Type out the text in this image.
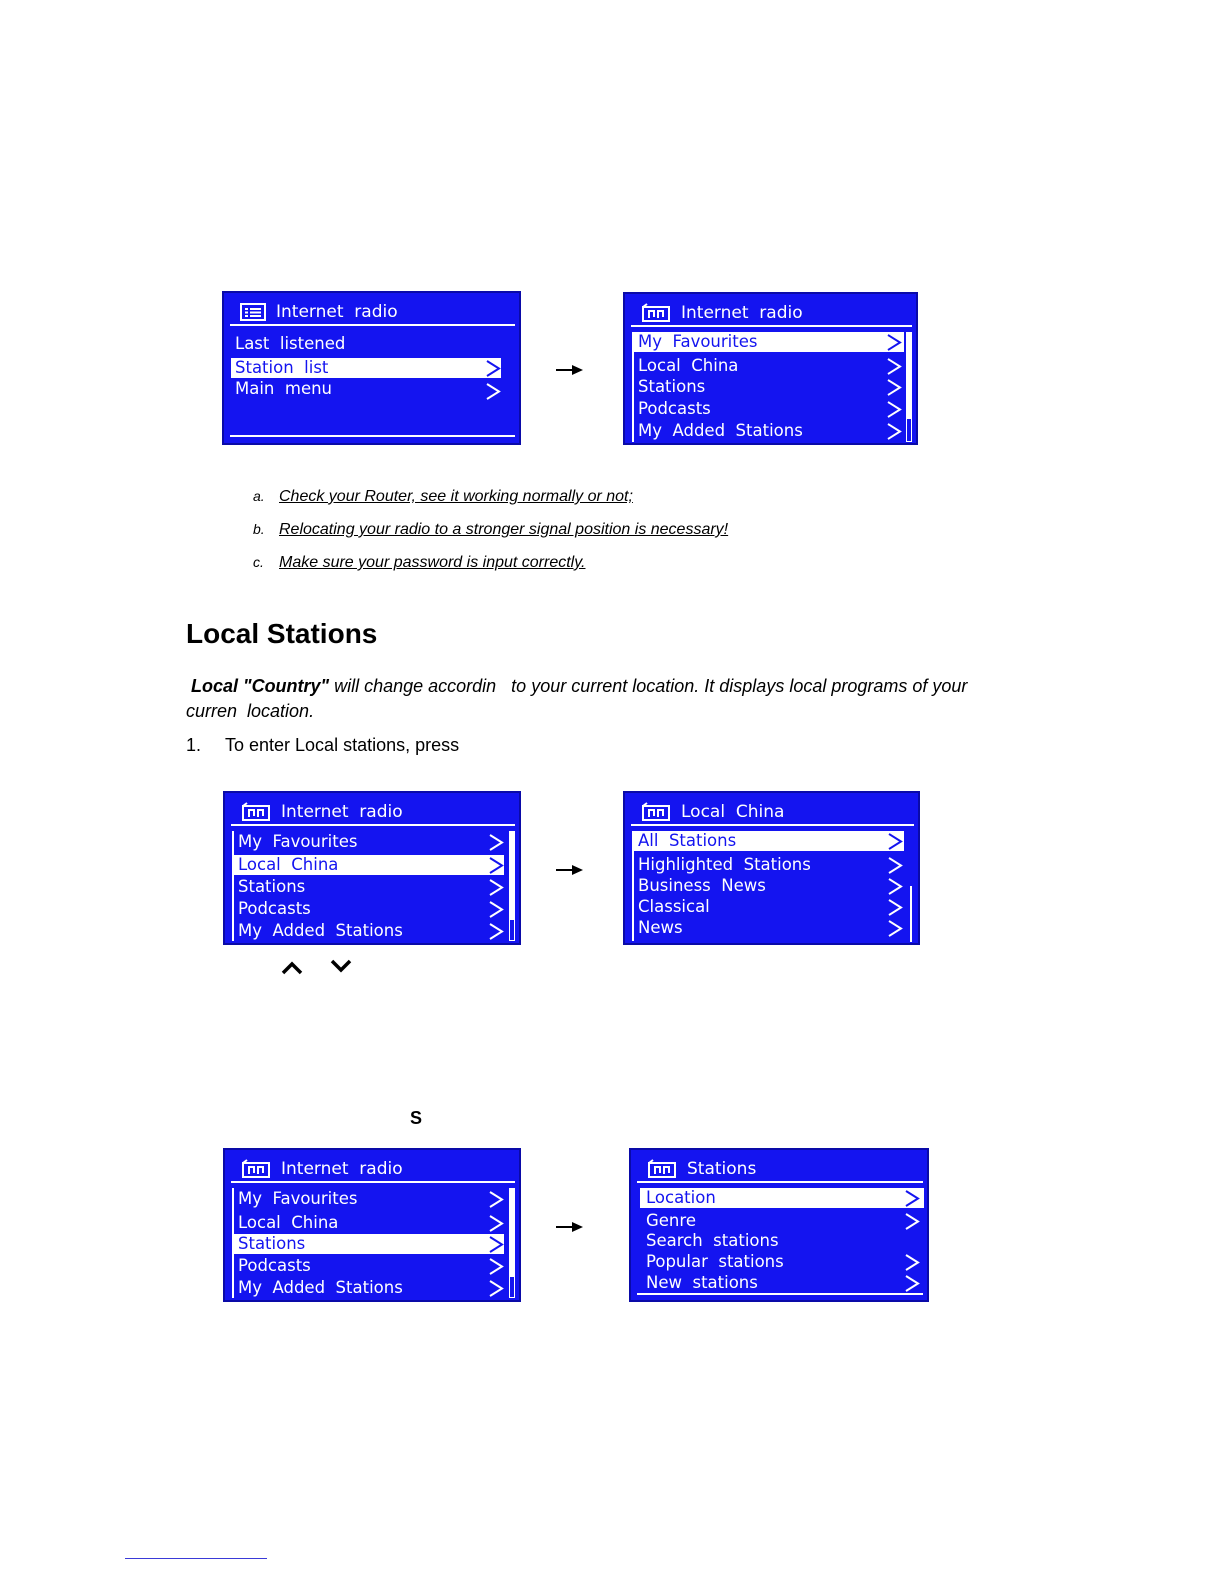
Internet  radio
Last  listened
Station  list

Main  menu

Internet  radio
My  Favourites

Local  China

Stations

Podcasts

My  Added  Stations

a. Check your Router, see it working normally or not;
b. Relocating your radio to a stronger signal position is necessary!
c. Make sure your password is input correctly.
Local Stations
Local "Country" will change accordin   to your current location. It displays local programs of your
curren  location.
1. To enter Local stations, press
Internet  radio
My  Favourites

Local  China

Stations

Podcasts

My  Added  Stations

Local  China
All  Stations

Highlighted  Stations

Business  News

Classical

News

S
Internet  radio
My  Favourites

Local  China

Stations

Podcasts

My  Added  Stations

Stations
Location

Genre

Search  stations
Popular  stations

New  stations
